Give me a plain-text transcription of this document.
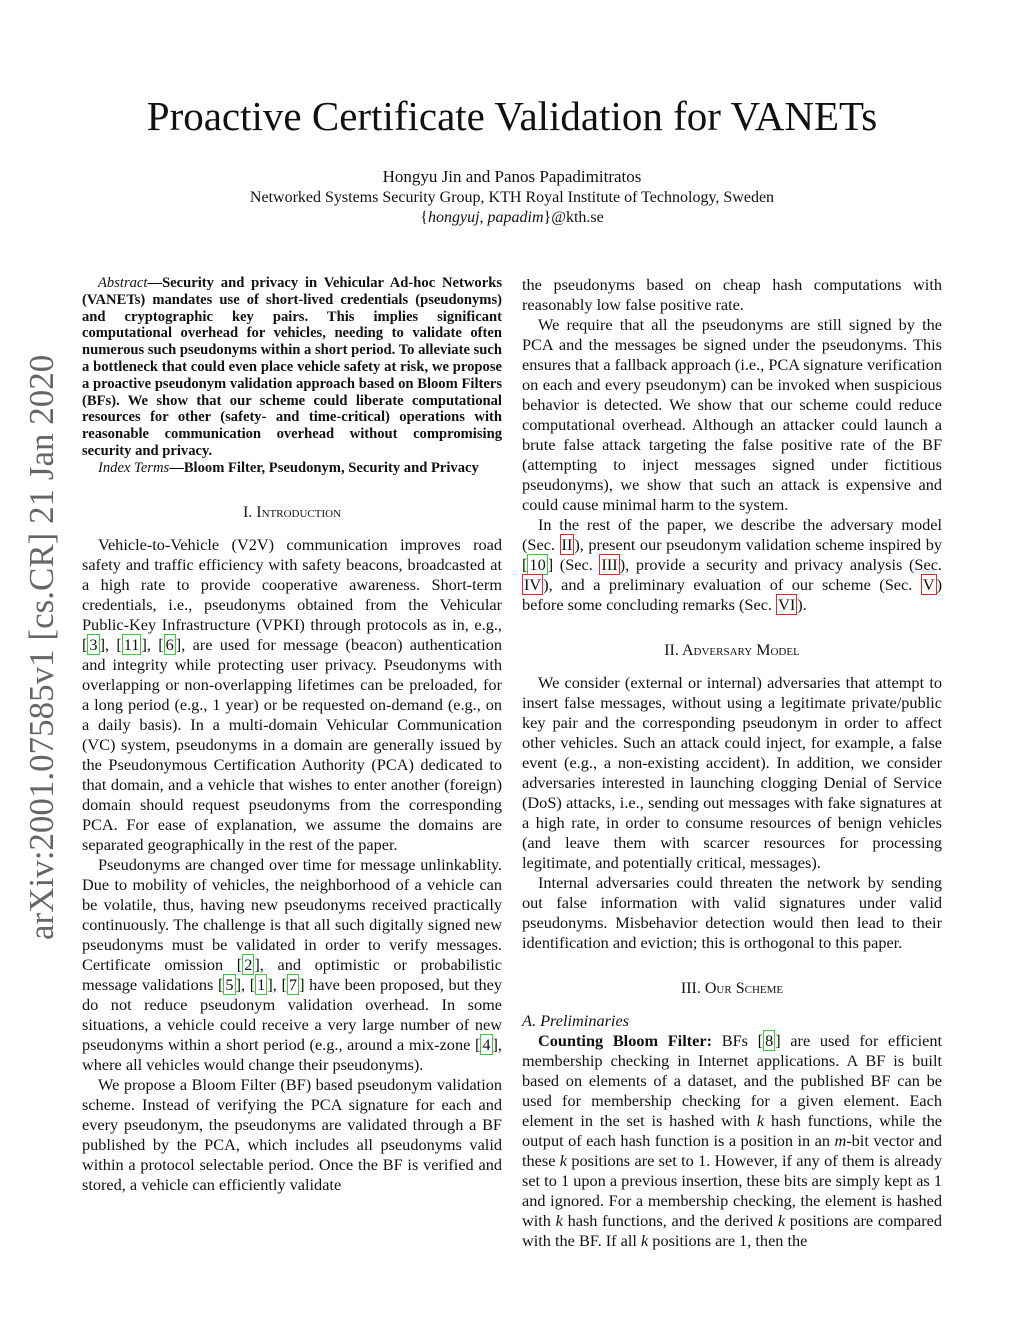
arXiv:2001.07585v1 [cs.CR] 21 Jan 2020
Proactive Certificate Validation for VANETs
Hongyu Jin and Panos Papadimitratos
Networked Systems Security Group, KTH Royal Institute of Technology, Sweden
{hongyuj, papadim}@kth.se

Abstract—Security and privacy in Vehicular Ad-hoc Networks (VANETs) mandates use of short-lived credentials (pseudonyms) and cryptographic key pairs. This implies significant computational overhead for vehicles, needing to validate often numerous such pseudonyms within a short period. To alleviate such a bottleneck that could even place vehicle safety at risk, we propose a proactive pseudonym validation approach based on Bloom Filters (BFs). We show that our scheme could liberate computational resources for other (safety- and time-critical) operations with reasonable communication overhead without compromising security and privacy.

Index Terms—Bloom Filter, Pseudonym, Security and Privacy

I. Introduction

Vehicle-to-Vehicle (V2V) communication improves road safety and traffic efficiency with safety beacons, broadcasted at a high rate to provide cooperative awareness. Short-term credentials, i.e., pseudonyms obtained from the Vehicular Public-Key Infrastructure (VPKI) through protocols as in, e.g., [ 3 ], [ 11 ], [ 6 ], are used for message (beacon) authentication and integrity while protecting user privacy. Pseudonyms with overlapping or non-overlapping lifetimes can be preloaded, for a long period (e.g., 1 year) or be requested on-demand (e.g., on a daily basis). In a multi-domain Vehicular Communication (VC) system, pseudonyms in a domain are generally issued by the Pseudonymous Certification Authority (PCA) dedicated to that domain, and a vehicle that wishes to enter another (foreign) domain should request pseudonyms from the corresponding PCA. For ease of explanation, we assume the domains are separated geographically in the rest of the paper.

Pseudonyms are changed over time for message unlinkablity. Due to mobility of vehicles, the neighborhood of a vehicle can be volatile, thus, having new pseudonyms received practically continuously. The challenge is that all such digitally signed new pseudonyms must be validated in order to verify messages. Certificate omission [ 2 ], and optimistic or probabilistic message validations [ 5 ], [ 1 ], [ 7 ] have been proposed, but they do not reduce pseudonym validation overhead. In some situations, a vehicle could receive a very large number of new pseudonyms within a short period (e.g., around a mix-zone [ 4 ], where all vehicles would change their pseudonyms).

We propose a Bloom Filter (BF) based pseudonym validation scheme. Instead of verifying the PCA signature for each and every pseudonym, the pseudonyms are validated through a BF published by the PCA, which includes all pseudonyms valid within a protocol selectable period. Once the BF is verified and stored, a vehicle can efficiently validate

the pseudonyms based on cheap hash computations with reasonably low false positive rate.

We require that all the pseudonyms are still signed by the PCA and the messages be signed under the pseudonyms. This ensures that a fallback approach (i.e., PCA signature verification on each and every pseudonym) can be invoked when suspicious behavior is detected. We show that our scheme could reduce computational overhead. Although an attacker could launch a brute false attack targeting the false positive rate of the BF (attempting to inject messages signed under fictitious pseudonyms), we show that such an attack is expensive and could cause minimal harm to the system.

In the rest of the paper, we describe the adversary model (Sec. II ), present our pseudonym validation scheme inspired by [ 10 ] (Sec. III ), provide a security and privacy analysis (Sec. IV ), and a preliminary evaluation of our scheme (Sec. V ) before some concluding remarks (Sec. VI ).

II. Adversary Model

We consider (external or internal) adversaries that attempt to insert false messages, without using a legitimate private/public key pair and the corresponding pseudonym in order to affect other vehicles. Such an attack could inject, for example, a false event (e.g., a non-existing accident). In addition, we consider adversaries interested in launching clogging Denial of Service (DoS) attacks, i.e., sending out messages with fake signatures at a high rate, in order to consume resources of benign vehicles (and leave them with scarcer resources for processing legitimate, and potentially critical, messages).

Internal adversaries could threaten the network by sending out false information with valid signatures under valid pseudonyms. Misbehavior detection would then lead to their identification and eviction; this is orthogonal to this paper.

III. Our Scheme

A. Preliminaries

Counting Bloom Filter: BFs [ 8 ] are used for efficient membership checking in Internet applications. A BF is built based on elements of a dataset, and the published BF can be used for membership checking for a given element. Each element in the set is hashed with k hash functions, while the output of each hash function is a position in an m-bit vector and these k positions are set to 1. However, if any of them is already set to 1 upon a previous insertion, these bits are simply kept as 1 and ignored. For a membership checking, the element is hashed with k hash functions, and the derived k positions are compared with the BF. If all k positions are 1, then the
